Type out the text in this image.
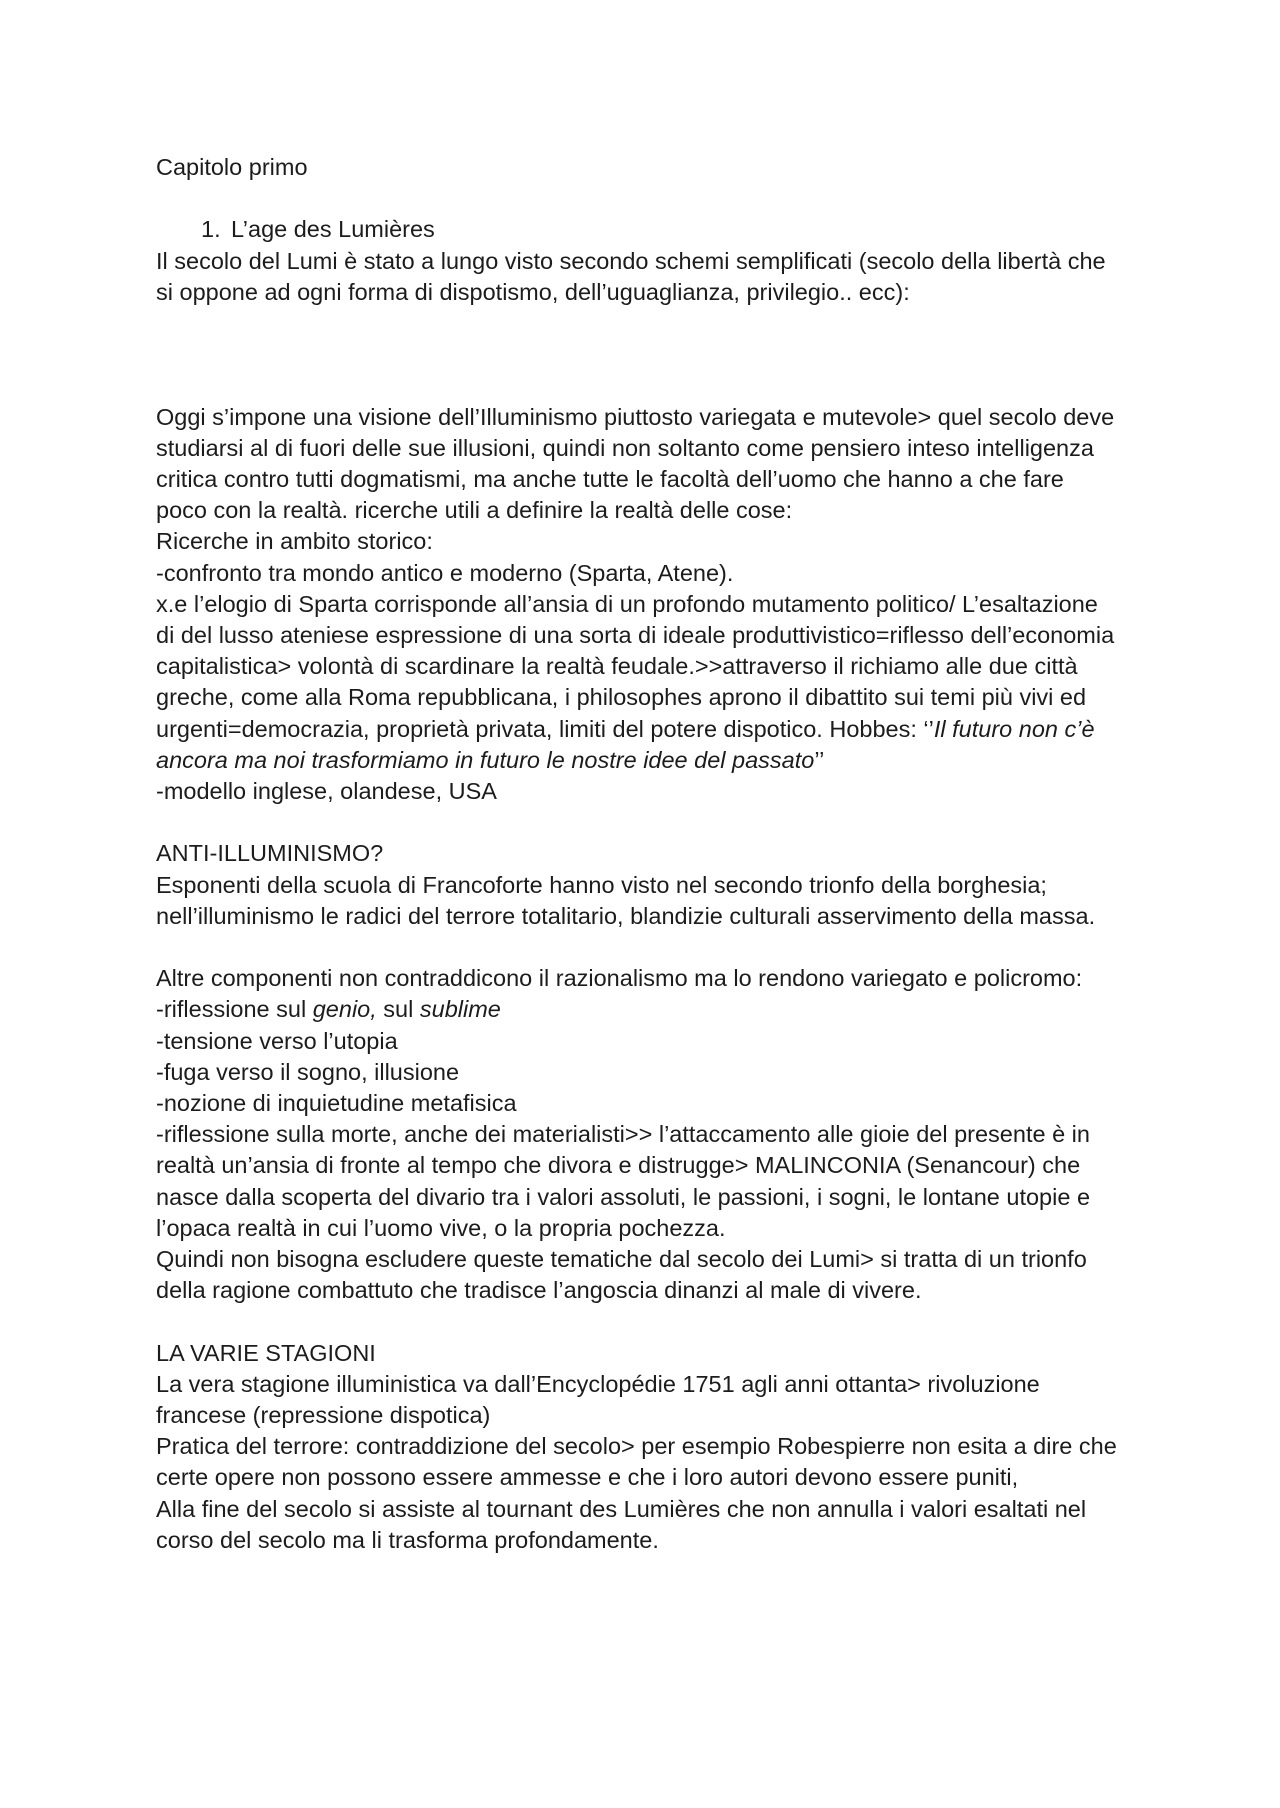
Capitolo primo
1. L’age des Lumières
Il secolo del Lumi è stato a lungo visto secondo schemi semplificati (secolo della libertà che
si oppone ad ogni forma di dispotismo, dell’uguaglianza, privilegio.. ecc):
Oggi s’impone una visione dell’Illuminismo piuttosto variegata e mutevole> quel secolo deve
studiarsi al di fuori delle sue illusioni, quindi non soltanto come pensiero inteso intelligenza
critica contro tutti dogmatismi, ma anche tutte le facoltà dell’uomo che hanno a che fare
poco con la realtà. ricerche utili a definire la realtà delle cose:
Ricerche in ambito storico:
-confronto tra mondo antico e moderno (Sparta, Atene).
x.e l’elogio di Sparta corrisponde all’ansia di un profondo mutamento politico/ L’esaltazione
di del lusso ateniese espressione di una sorta di ideale produttivistico=riflesso dell’economia
capitalistica> volontà di scardinare la realtà feudale.>>attraverso il richiamo alle due città
greche, come alla Roma repubblicana, i philosophes aprono il dibattito sui temi più vivi ed
urgenti=democrazia, proprietà privata, limiti del potere dispotico. Hobbes: ‘’Il futuro non c’è
ancora ma noi trasformiamo in futuro le nostre idee del passato’’
-modello inglese, olandese, USA
ANTI-ILLUMINISMO?
Esponenti della scuola di Francoforte hanno visto nel secondo trionfo della borghesia;
nell’illuminismo le radici del terrore totalitario, blandizie culturali asservimento della massa.
Altre componenti non contraddicono il razionalismo ma lo rendono variegato e policromo:
-riflessione sul genio, sul sublime
-tensione verso l’utopia
-fuga verso il sogno, illusione
-nozione di inquietudine metafisica
-riflessione sulla morte, anche dei materialisti>> l’attaccamento alle gioie del presente è in
realtà un’ansia di fronte al tempo che divora e distrugge> MALINCONIA (Senancour) che
nasce dalla scoperta del divario tra i valori assoluti, le passioni, i sogni, le lontane utopie e
l’opaca realtà in cui l’uomo vive, o la propria pochezza.
Quindi non bisogna escludere queste tematiche dal secolo dei Lumi> si tratta di un trionfo
della ragione combattuto che tradisce l’angoscia dinanzi al male di vivere.
LA VARIE STAGIONI
La vera stagione illuministica va dall’Encyclopédie 1751 agli anni ottanta> rivoluzione
francese (repressione dispotica)
Pratica del terrore: contraddizione del secolo> per esempio Robespierre non esita a dire che
certe opere non possono essere ammesse e che i loro autori devono essere puniti,
Alla fine del secolo si assiste al tournant des Lumières che non annulla i valori esaltati nel
corso del secolo ma li trasforma profondamente.
